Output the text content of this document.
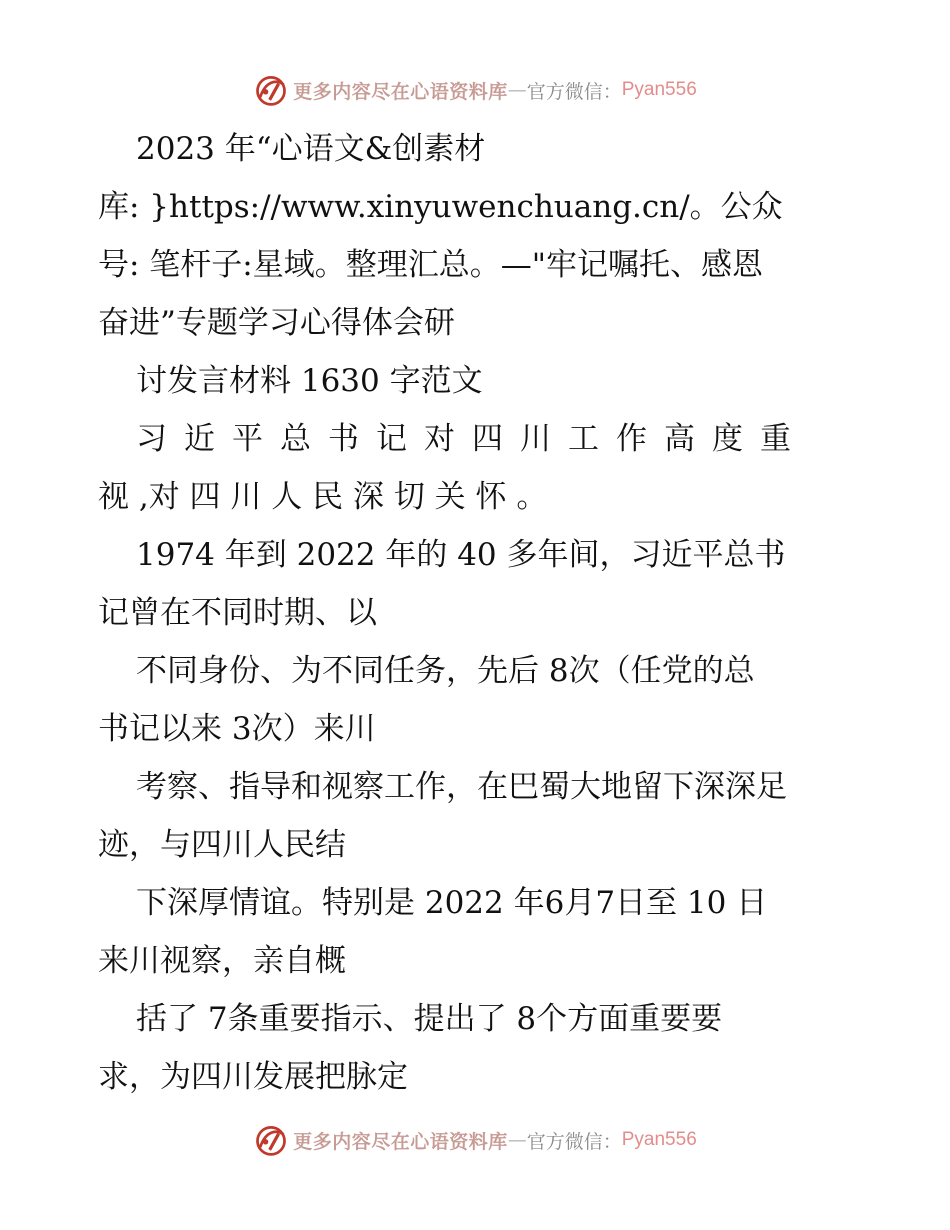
更多内容尽在心语资料库 — 官方微信： Pyan556
2023 年“心语文&创素材
库: }https://www.xinyuwenchuang.cn/。公众
号: 笔杆子:星域。整理汇总。—"牢记嘱托、感恩
奋进”专题学习心得体会研
讨发言材料 1630 字范文
习近平总书记对四川工作高度重
视 ,对 四 川 人 民 深 切 关 怀 。
1974 年到 2022 年的 40 多年间，习近平总书
记曾在不同时期、以
不同身份、为不同任务，先后 8次（任党的总
书记以来 3次）来川
考察、指导和视察工作，在巴蜀大地留下深深足
迹，与四川人民结
下深厚情谊。特别是 2022 年6月7日至 10 日
来川视察，亲自概
括了 7条重要指示、提出了 8个方面重要要
求，为四川发展把脉定
更多内容尽在心语资料库 — 官方微信： Pyan556
